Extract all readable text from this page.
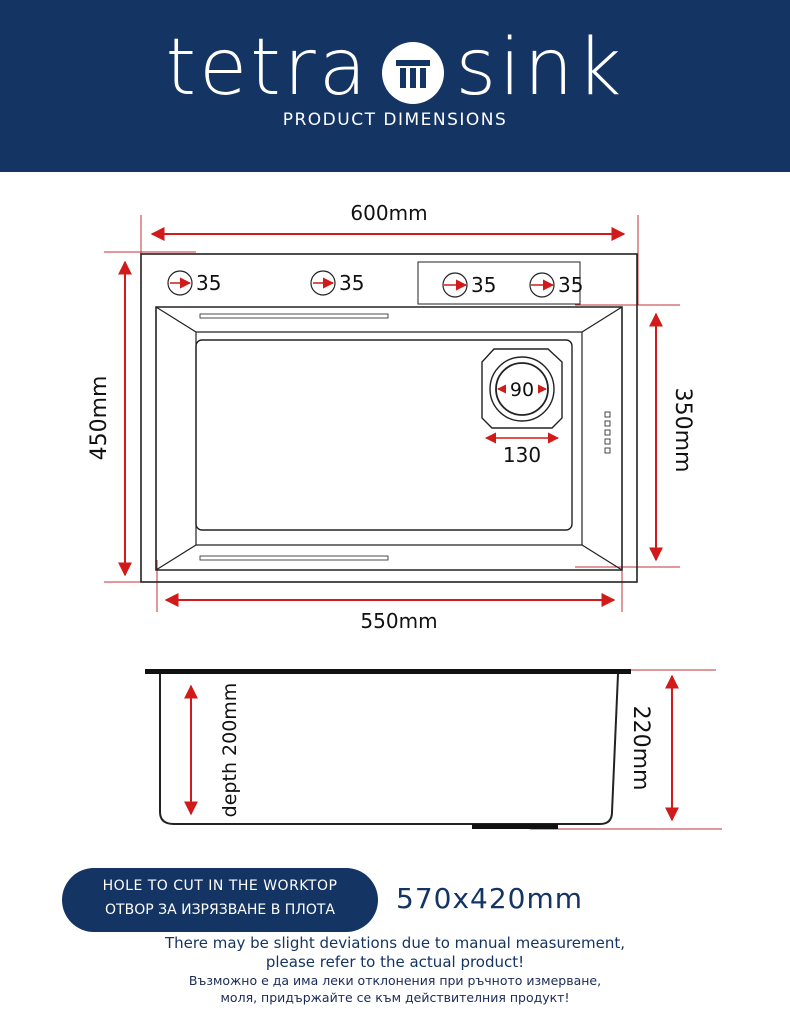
tetra sink
PRODUCT DIMENSIONS
35	35	35	35
600mm
550mm
450mm	350mm
90
130
depth 200mm	220mm
HOLE TO CUT IN THE WORKTOP
ОТВОР ЗА ИЗРЯЗВАНЕ В ПЛОТА	570x420mm
There may be slight deviations due to manual measurement,
please refer to the actual product!
Възможно е да има леки отклонения при ръчното измерване,
моля, придържайте се към действителния продукт!
